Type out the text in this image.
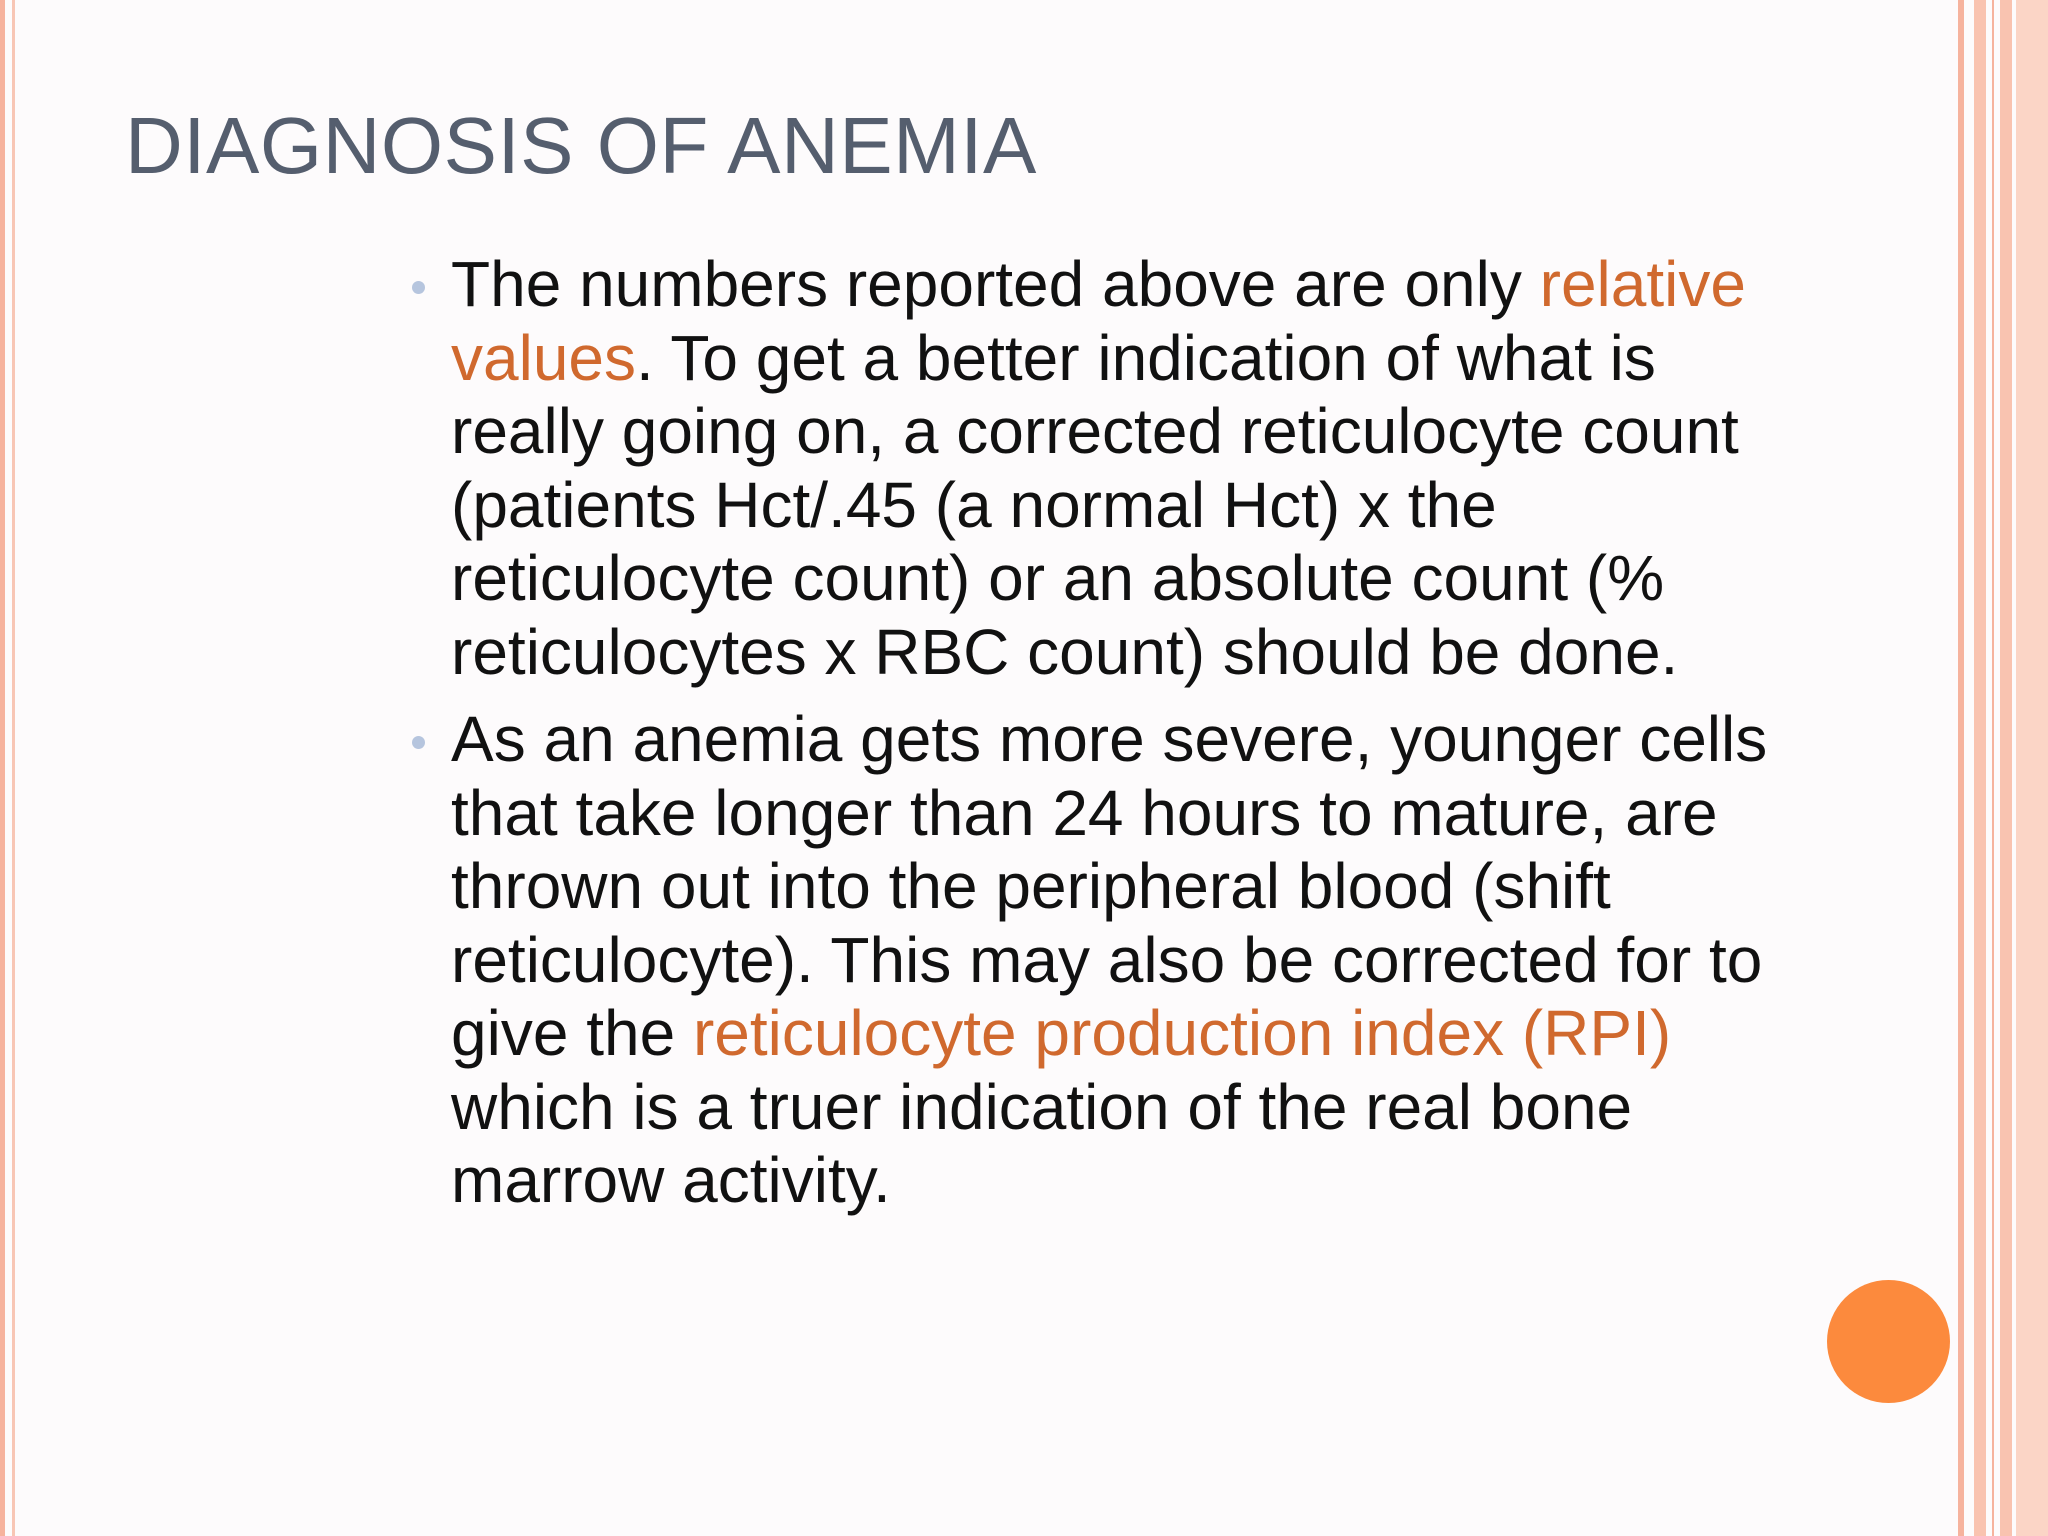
DIAGNOSIS OF ANEMIA
The numbers reported above are only relative values. To get a better indication of what is really going on, a corrected reticulocyte count (patients Hct/.45 (a normal Hct) x the reticulocyte count) or an absolute count (% reticulocytes x RBC count) should be done.
As an anemia gets more severe, younger cells that take longer than 24 hours to mature, are thrown out into the peripheral blood (shift reticulocyte). This may also be corrected for to give the reticulocyte production index (RPI) which is a truer indication of the real bone marrow activity.
